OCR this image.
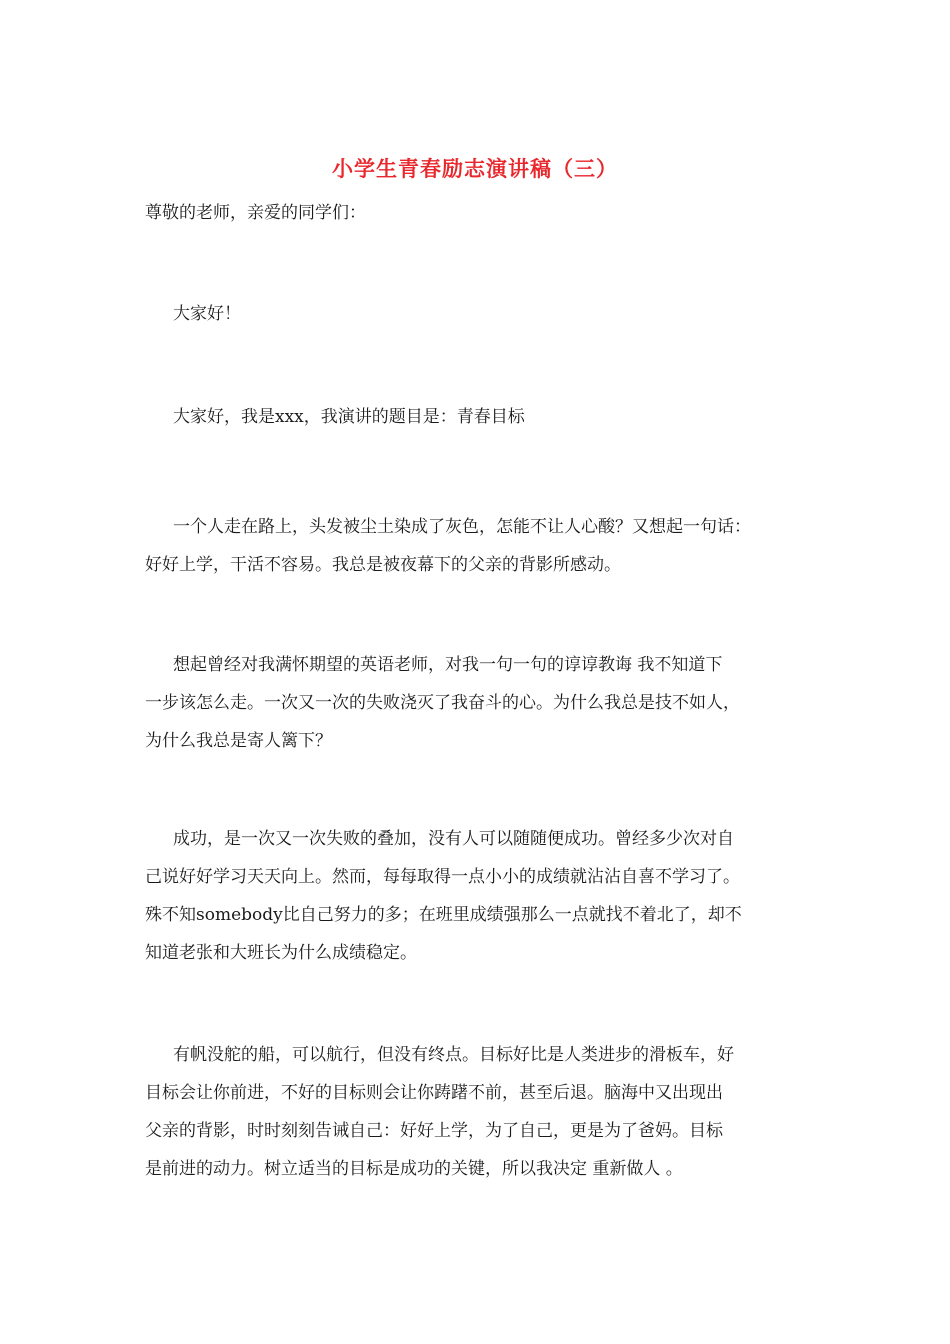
小学生青春励志演讲稿（三）
尊敬的老师，亲爱的同学们：
大家好！
大家好，我是xxx，我演讲的题目是：青春目标
一个人走在路上，头发被尘土染成了灰色，怎能不让人心酸？又想起一句话：
好好上学，干活不容易。我总是被夜幕下的父亲的背影所感动。
想起曾经对我满怀期望的英语老师，对我一句一句的谆谆教诲 我不知道下
一步该怎么走。一次又一次的失败浇灭了我奋斗的心。为什么我总是技不如人，
为什么我总是寄人篱下？
成功，是一次又一次失败的叠加，没有人可以随随便成功。曾经多少次对自
己说好好学习天天向上。然而，每每取得一点小小的成绩就沾沾自喜不学习了。
殊不知somebody比自己努力的多；在班里成绩强那么一点就找不着北了，却不
知道老张和大班长为什么成绩稳定。
有帆没舵的船，可以航行，但没有终点。目标好比是人类进步的滑板车，好
目标会让你前进，不好的目标则会让你踌躇不前，甚至后退。脑海中又出现出
父亲的背影，时时刻刻告诫自己：好好上学，为了自己，更是为了爸妈。目标
是前进的动力。树立适当的目标是成功的关键，所以我决定 重新做人 。
